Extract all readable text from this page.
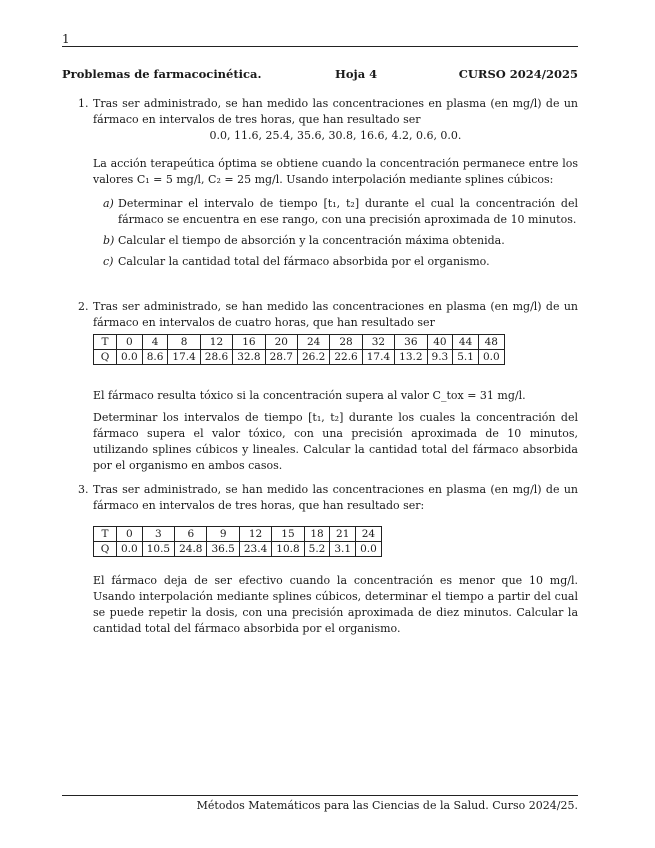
1
Problemas de farmacocinética.	Hoja 4	CURSO 2024/2025
1. Tras ser administrado, se han medido las concentraciones en plasma (en mg/l) de un fármaco en intervalos de tres horas, que han resultado ser

0.0, 11.6, 25.4, 35.6, 30.8, 16.6, 4.2, 0.6, 0.0.

La acción terapeútica óptima se obtiene cuando la concentración permanece entre los valores C₁ = 5 mg/l, C₂ = 25 mg/l. Usando interpolación mediante splines cúbicos:

a) Determinar el intervalo de tiempo [t₁, t₂] durante el cual la concentración del fármaco se encuentra en ese rango, con una precisión aproximada de 10 minutos.
b) Calcular el tiempo de absorción y la concentración máxima obtenida.
c) Calcular la cantidad total del fármaco absorbida por el organismo.
2. Tras ser administrado, se han medido las concentraciones en plasma (en mg/l) de un fármaco en intervalos de cuatro horas, que han resultado ser

T	0	4	8	12	16	20	24	28	32	36	40	44	48
Q	0.0	8.6	17.4	28.6	32.8	28.7	26.2	22.6	17.4	13.2	9.3	5.1	0.0

El fármaco resulta tóxico si la concentración supera al valor C_tox = 31 mg/l.

Determinar los intervalos de tiempo [t₁, t₂] durante los cuales la concentración del fármaco supera el valor tóxico, con una precisión aproximada de 10 minutos, utilizando splines cúbicos y lineales. Calcular la cantidad total del fármaco absorbida por el organismo en ambos casos.

3. Tras ser administrado, se han medido las concentraciones en plasma (en mg/l) de un fármaco en intervalos de tres horas, que han resultado ser:

T	0	3	6	9	12	15	18	21	24
Q	0.0	10.5	24.8	36.5	23.4	10.8	5.2	3.1	0.0

El fármaco deja de ser efectivo cuando la concentración es menor que 10 mg/l. Usando interpolación mediante splines cúbicos, determinar el tiempo a partir del cual se puede repetir la dosis, con una precisión aproximada de diez minutos. Calcular la cantidad total del fármaco absorbida por el organismo.

Métodos Matemáticos para las Ciencias de la Salud. Curso 2024/25.
